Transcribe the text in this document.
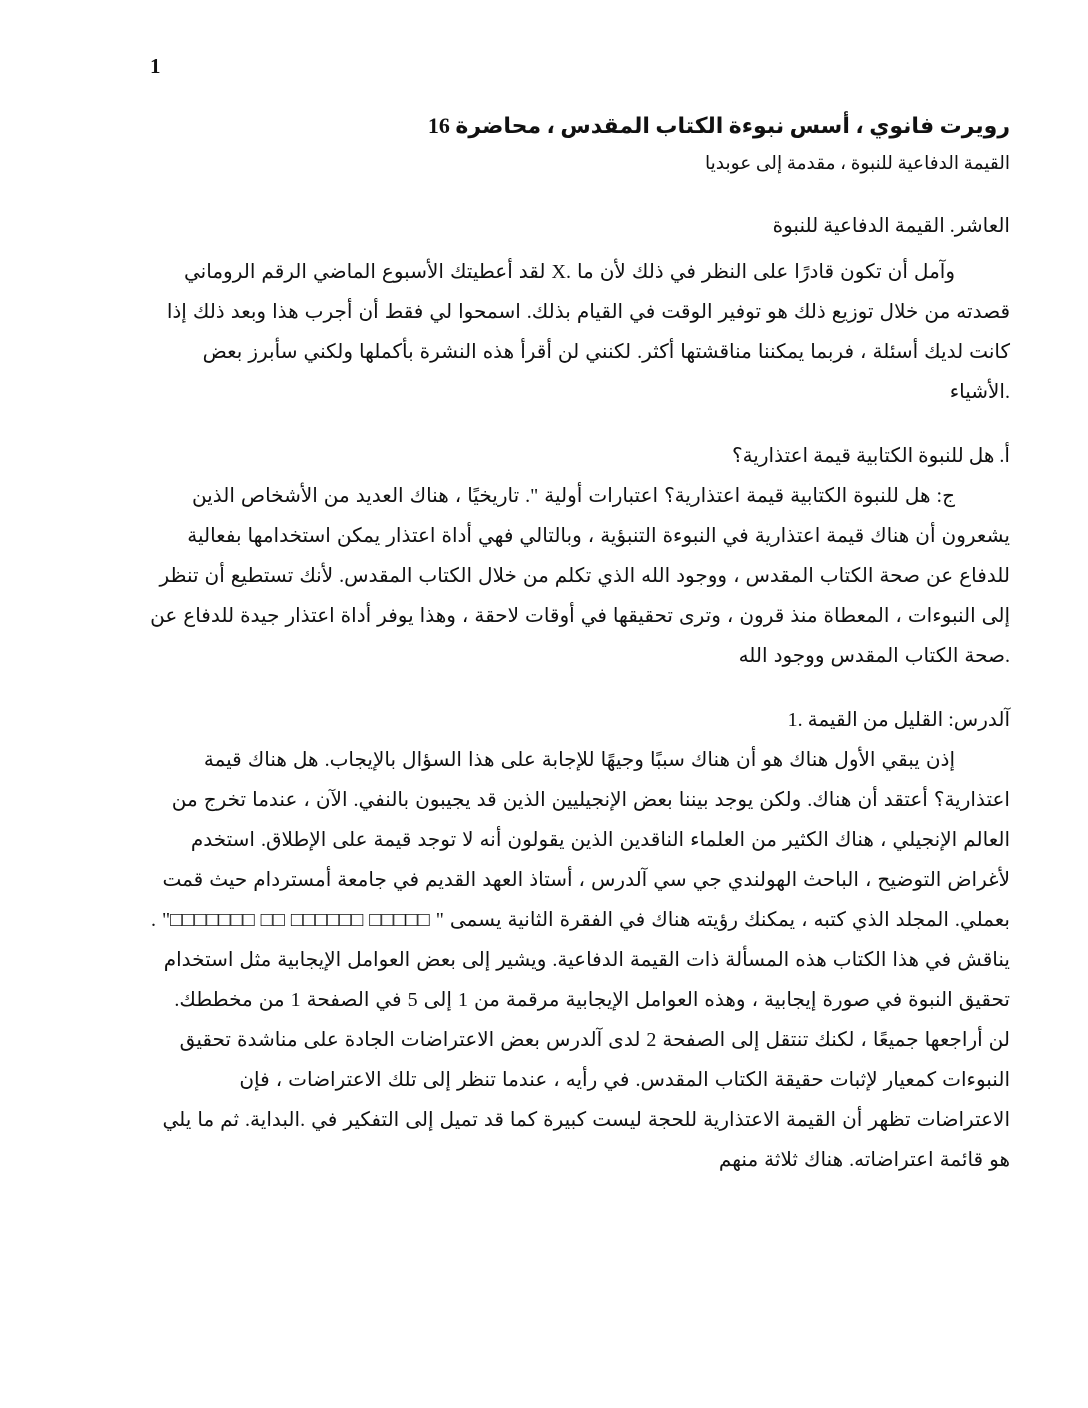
1
رويرت فانوي ، أسس نبوءة الكتاب المقدس ، محاضرة 16
القيمة الدفاعية للنبوة ، مقدمة إلى عوبديا
العاشر. القيمة الدفاعية للنبوة

وآمل أن تكون قادرًا على النظر في ذلك لأن ما .X لقد أعطيتك الأسبوع الماضي الرقم الروماني قصدته من خلال توزيع ذلك هو توفير الوقت في القيام بذلك. اسمحوا لي فقط أن أجرب هذا وبعد ذلك إذا كانت لديك أسئلة ، فربما يمكننا مناقشتها أكثر. لكنني لن أقرأ هذه النشرة بأكملها ولكني سأبرز بعض .الأشياء

أ. هل للنبوة الكتابية قيمة اعتذارية؟

ج: هل للنبوة الكتابية قيمة اعتذارية؟ اعتبارات أولية ". تاريخيًا ، هناك العديد من الأشخاص الذين يشعرون أن هناك قيمة اعتذارية في النبوءة التنبؤية ، وبالتالي فهي أداة اعتذار يمكن استخدامها بفعالية للدفاع عن صحة الكتاب المقدس ، ووجود الله الذي تكلم من خلال الكتاب المقدس. لأنك تستطيع أن تنظر إلى النبوءات ، المعطاة منذ قرون ، وترى تحقيقها في أوقات لاحقة ، وهذا يوفر أداة اعتذار جيدة للدفاع عن .صحة الكتاب المقدس ووجود الله

آلدرس: القليل من القيمة .1

إذن يبقي الأول هناك هو أن هناك سببًا وجيهًا للإجابة على هذا السؤال بالإيجاب. هل هناك قيمة اعتذارية؟ أعتقد أن هناك. ولكن يوجد بيننا بعض الإنجيليين الذين قد يجيبون بالنفي. الآن ، عندما تخرج من العالم الإنجيلي ، هناك الكثير من العلماء الناقدين الذين يقولون أنه لا توجد قيمة على الإطلاق. استخدم لأغراض التوضيح ، الباحث الهولندي جي سي آلدرس ، أستاذ العهد القديم في جامعة أمستردام حيث قمت بعملي. المجلد الذي كتبه ، يمكنك رؤيته هناك في الفقرة الثانية يسمى " □□□□□ □□□□□□ □□ □□□□□□□" . يناقش في هذا الكتاب هذه المسألة ذات القيمة الدفاعية. ويشير إلى بعض العوامل الإيجابية مثل استخدام تحقيق النبوة في صورة إيجابية ، وهذه العوامل الإيجابية مرقمة من 1 إلى 5 في الصفحة 1 من مخططك. لن أراجعها جميعًا ، لكنك تنتقل إلى الصفحة 2 لدى آلدرس بعض الاعتراضات الجادة على مناشدة تحقيق النبوءات كمعيار لإثبات حقيقة الكتاب المقدس. في رأيه ، عندما تنظر إلى تلك الاعتراضات ، فإن الاعتراضات تظهر أن القيمة الاعتذارية للحجة ليست كبيرة كما قد تميل إلى التفكير في .البداية. ثم ما يلي هو قائمة اعتراضاته. هناك ثلاثة منهم
